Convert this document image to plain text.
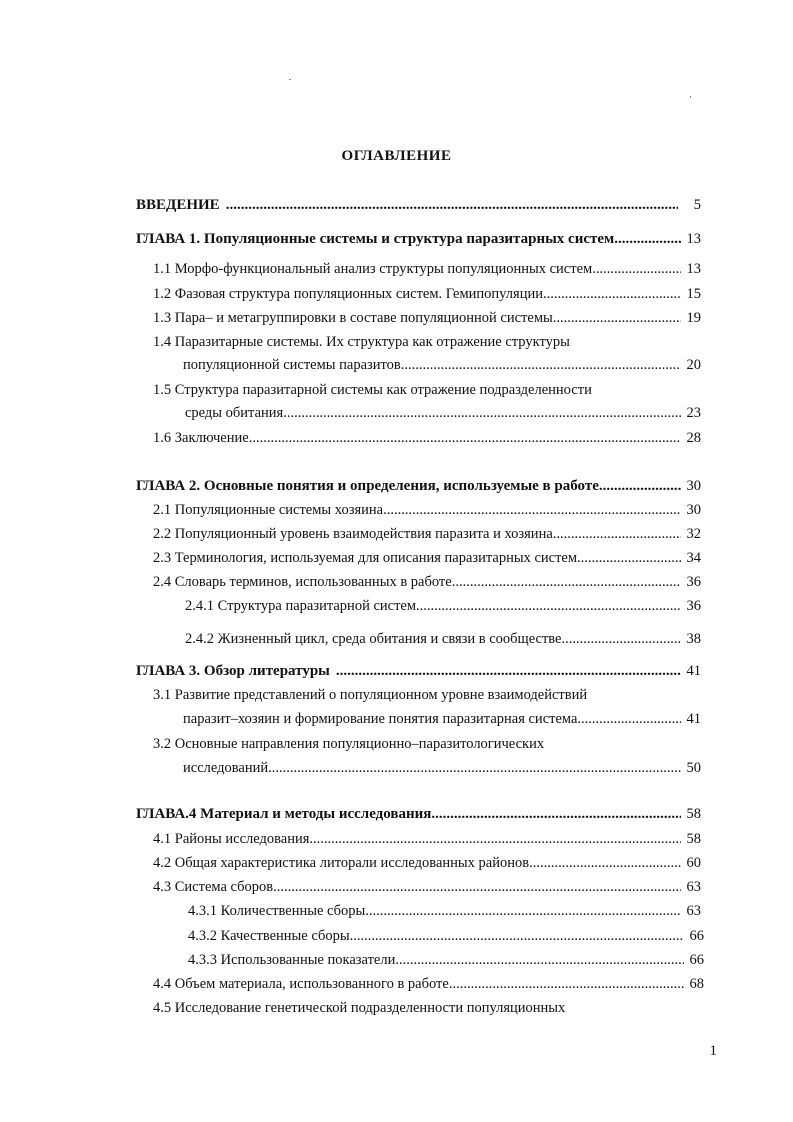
ОГЛАВЛЕНИЕ
ВВЕДЕНИЕ .....	5
ГЛАВА 1. Популяционные системы и структура паразитарных систем .....	13
1.1 Морфо-функциональный анализ структуры популяционных систем .....	13
1.2 Фазовая структура популяционных систем. Гемипопуляции .....	15
1.3 Пара– и метагруппировки в составе популяционной системы .....	19
1.4 Паразитарные системы. Их структура как отражение структуры
популяционной системы паразитов .....	20
1.5 Структура паразитарной системы как отражение подразделенности
среды обитания .....	23
1.6 Заключение .....	28
ГЛАВА 2. Основные понятия и определения, используемые в работе .....	30
2.1 Популяционные системы хозяина .....	30
2.2 Популяционный уровень взаимодействия паразита и хозяина .....	32
2.3 Терминология, используемая для описания паразитарных систем .....	34
2.4 Словарь терминов, использованных в работе .....	36
2.4.1 Структура паразитарной систем .....	36
2.4.2 Жизненный цикл, среда обитания и связи в сообществе .....	38
ГЛАВА 3. Обзор литературы .....	41
3.1 Развитие представлений о популяционном уровне взаимодействий
паразит–хозяин и формирование понятия паразитарная система .....	41
3.2 Основные направления популяционно–паразитологических
исследований .....	50
ГЛАВА.4 Материал и методы исследования .....	58
4.1 Районы исследования .....	58
4.2 Общая характеристика литорали исследованных районов .....	60
4.3 Система сборов .....	63
4.3.1 Количественные сборы .....	63
4.3.2 Качественные сборы .....	66
4.3.3 Использованные показатели .....	66
4.4 Объем материала, использованного в работе .....	68
4.5 Исследование генетической подразделенности популяционных
1
